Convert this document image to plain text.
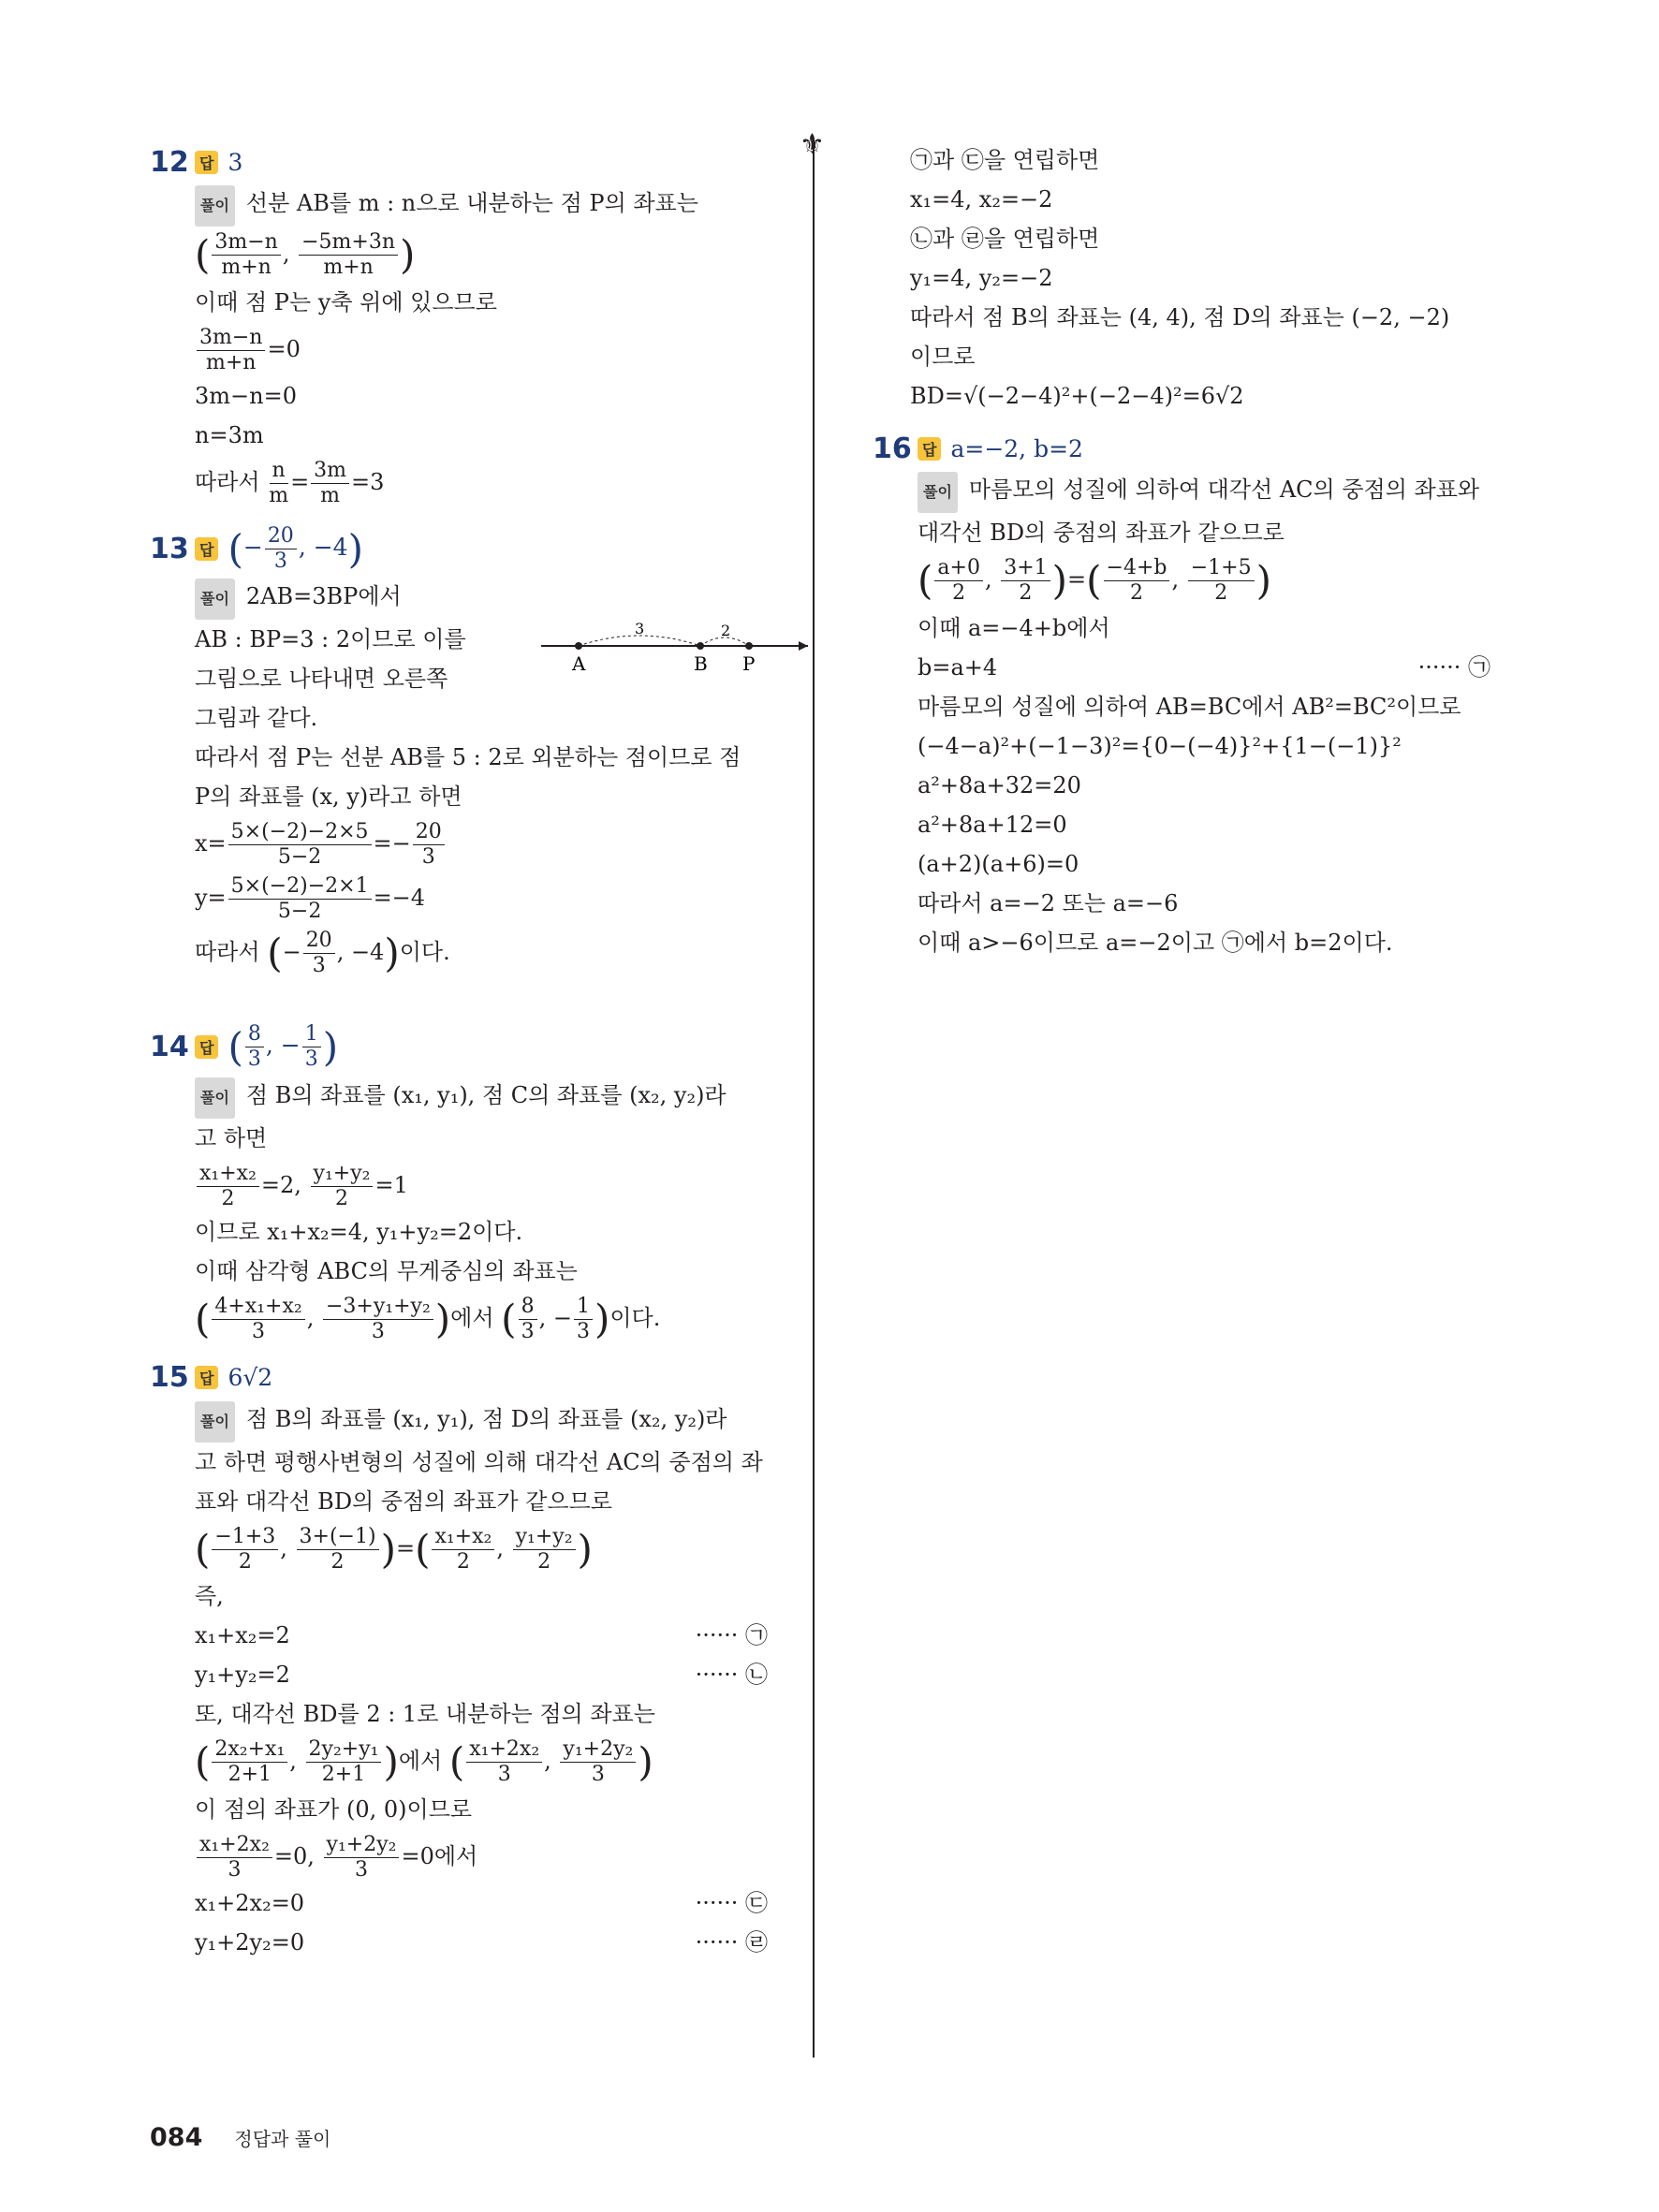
⚜
12 답 3
풀이 선분 AB를 m : n으로 내분하는 점 P의 좌표는
( $\frac{3m-n}{m+n}$ , $\frac{-5m+3n}{m+n}$ )
이때 점 P는 y축 위에 있으므로
$\frac{3m-n}{m+n} =0$
3m−n=0
n=3m
따라서 $\frac{n}{m} = \frac{3m}{m} =3$
13 답 (− $\frac{20}{3}$ , −4)
풀이 2AB=3BP에서
AB : BP=3 : 2이므로 이를
그림으로 나타내면 오른쪽
그림과 같다.
따라서 점 P는 선분 AB를 5 : 2로 외분하는 점이므로 점
P의 좌표를 (x, y)라고 하면
$x= \frac{5\times(-2)-2\times 5}{5-2} =- \frac{20}{3}$
$y= \frac{5\times(-2)-2\times 1}{5-2} =-4$
따라서 (− $\frac{20}{3}$ , −4)이다.
3	2
A	B P
14 답 ( $\frac{8}{3}$ , − $\frac{1}{3}$ )
풀이 점 B의 좌표를 (x₁, y₁), 점 C의 좌표를 (x₂, y₂)라
고 하면
$\frac{\text{x₁+x₂}}{2} =2$, $\frac{\text{y₁+y₂}}{2} =1$
이므로 x₁+x₂=4, y₁+y₂=2이다.
이때 삼각형 ABC의 무게중심의 좌표는
( $\frac{\text{4+x₁+x₂}}{3}$ , $\frac{\text{−3+y₁+y₂}}{3}$ )에서 ( $\frac{8}{3}$ , − $\frac{1}{3}$ )이다.
15 답 6√2
풀이 점 B의 좌표를 (x₁, y₁), 점 D의 좌표를 (x₂, y₂)라
고 하면 평행사변형의 성질에 의해 대각선 AC의 중점의 좌
표와 대각선 BD의 중점의 좌표가 같으므로
( $\frac{-1+3}{2}$ , $\frac{3+(-1)}{2}$ )=( $\frac{\text{x₁+x₂}}{2}$ , $\frac{\text{y₁+y₂}}{2}$ )
즉,
x₁+x₂=2	······ ㉠
y₁+y₂=2	······ ㉡
또, 대각선 BD를 2 : 1로 내분하는 점의 좌표는
( $\frac{\text{2x₂+x₁}}{2+1}$ , $\frac{\text{2y₂+y₁}}{2+1}$ )에서 ( $\frac{\text{x₁+2x₂}}{3}$ , $\frac{\text{y₁+2y₂}}{3}$ )
이 점의 좌표가 (0, 0)이므로
$\frac{\text{x₁+2x₂}}{3} =0$, $\frac{\text{y₁+2y₂}}{3} =0$에서
x₁+2x₂=0	······ ㉢
y₁+2y₂=0	······ ㉣
㉠과 ㉢을 연립하면
x₁=4, x₂=−2
㉡과 ㉣을 연립하면
y₁=4, y₂=−2
따라서 점 B의 좌표는 (4, 4), 점 D의 좌표는 (−2, −2)
이므로
BD=√(−2−4)²+(−2−4)²=6√2
16 답 a=−2, b=2
풀이 마름모의 성질에 의하여 대각선 AC의 중점의 좌표와
대각선 BD의 중점의 좌표가 같으므로
( $\frac{a+0}{2}$ , $\frac{3+1}{2}$ )=( $\frac{-4+b}{2}$ , $\frac{-1+5}{2}$ )
이때 a=−4+b에서
b=a+4	······ ㉠
마름모의 성질에 의하여 AB=BC에서 AB²=BC²이므로
(−4−a)²+(−1−3)²={0−(−4)}²+{1−(−1)}²
a²+8a+32=20
a²+8a+12=0
(a+2)(a+6)=0
따라서 a=−2 또는 a=−6
이때 a>−6이므로 a=−2이고 ㉠에서 b=2이다.
084 정답과 풀이
